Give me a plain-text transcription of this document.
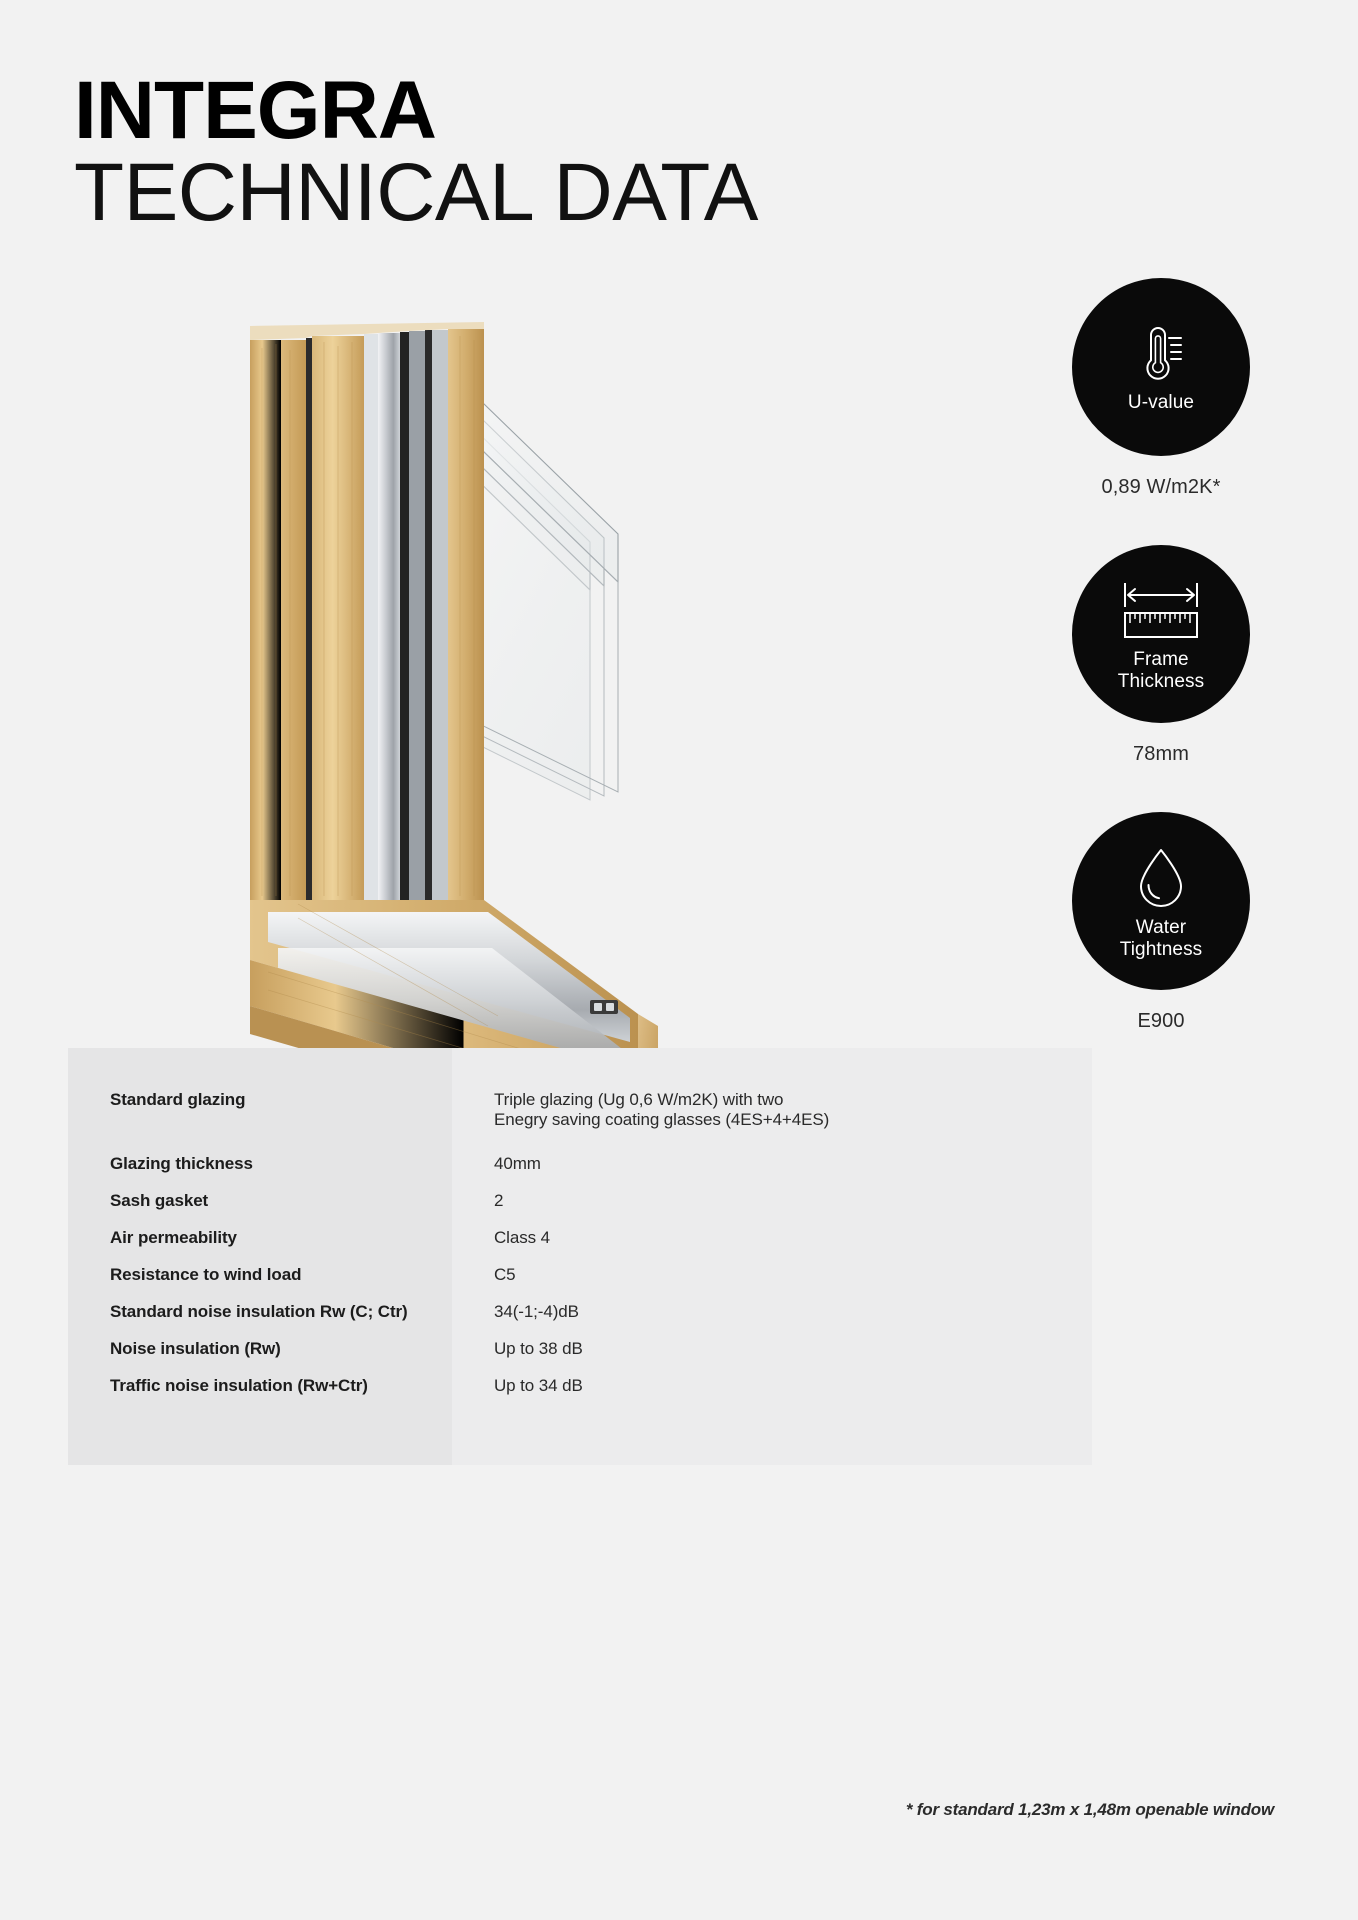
INTEGRA
TECHNICAL DATA
U-value
0,89 W/m2K*
Frame
Thickness
78mm
Water
Tightness
E900
Standard glazing
Glazing thickness
Sash gasket
Air permeability
Resistance to wind load
Standard noise insulation Rw (C; Ctr)
Noise insulation (Rw)
Traffic noise insulation (Rw+Ctr)
Triple glazing (Ug 0,6 W/m2K) with two
Enegry saving coating glasses (4ES+4+4ES)
40mm
2
Class 4
C5
34(-1;-4)dB
Up to 38 dB
Up to 34 dB
* for standard 1,23m x 1,48m openable window
